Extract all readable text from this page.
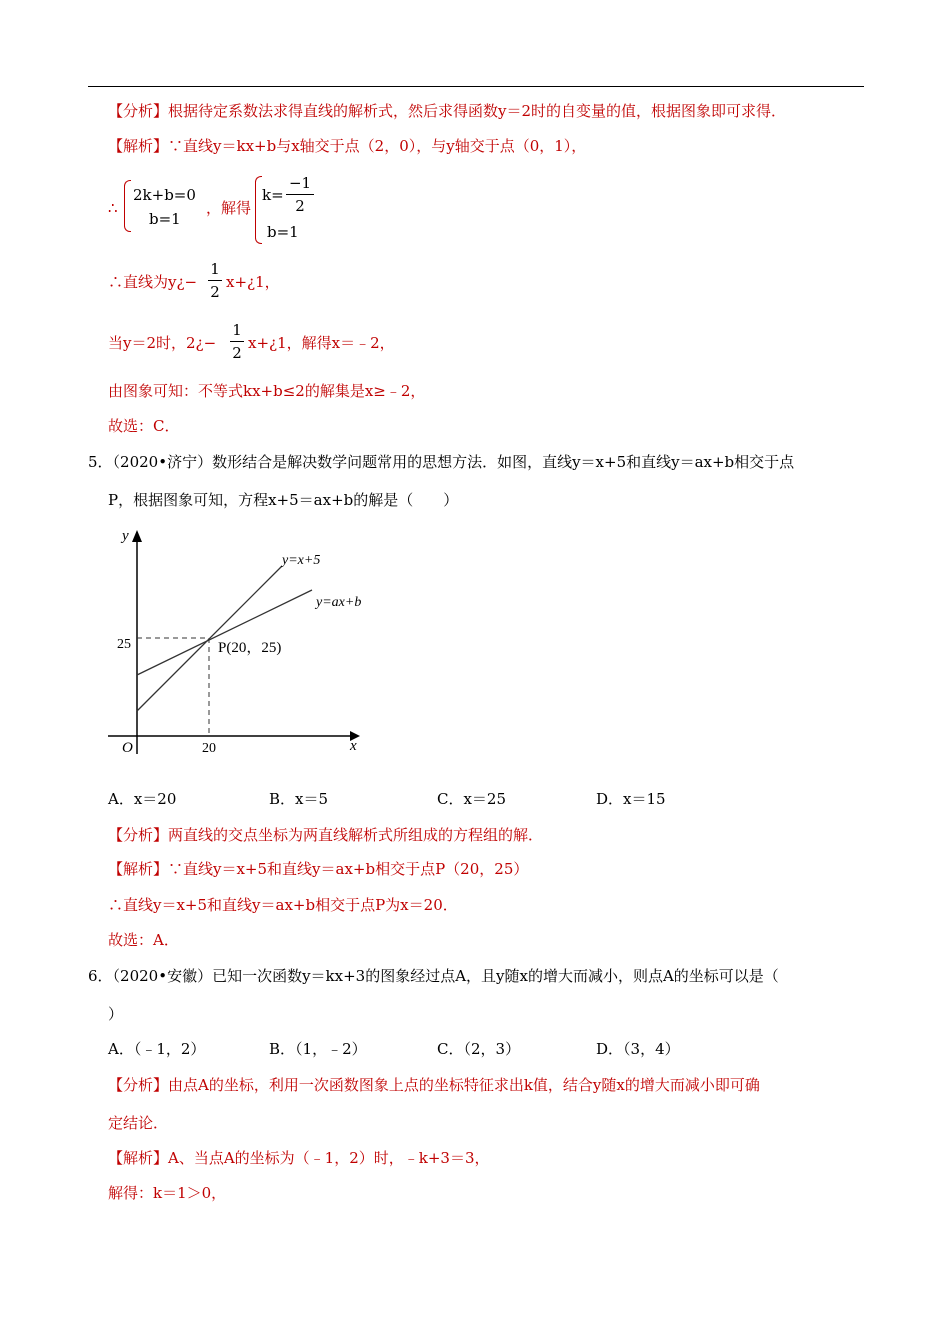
【分析】根据待定系数法求得直线的解析式，然后求得函数y＝2时的自变量的值，根据图象即可求得．
【解析】∵直线y＝kx+b与x轴交于点（2，0），与y轴交于点（0，1），
∴
2k+b=0
b=1
，解得
k=
−1
2
b=1
∴直线为y¿−
1
2
x+¿1，
当y＝2时，2¿−
1
2
x+¿1，解得x＝﹣2，
由图象可知：不等式kx+b≤2的解集是x≥﹣2，
故选：C．
5．（2020•济宁）数形结合是解决数学问题常用的思想方法．如图，直线y＝x+5和直线y＝ax+b相交于点
P，根据图象可知，方程x+5＝ax+b的解是（　　）
y
x
O
25
20
y=x+5
y=ax+b
P(20，25)
A．x＝20	B．x＝5	C．x＝25	D．x＝15
【分析】两直线的交点坐标为两直线解析式所组成的方程组的解．
【解析】∵直线y＝x+5和直线y＝ax+b相交于点P（20，25）
∴直线y＝x+5和直线y＝ax+b相交于点P为x＝20．
故选：A．
6．（2020•安徽）已知一次函数y＝kx+3的图象经过点A，且y随x的增大而减小，则点A的坐标可以是（
）
A．（﹣1，2）	B．（1，﹣2）	C．（2，3）	D．（3，4）
【分析】由点A的坐标，利用一次函数图象上点的坐标特征求出k值，结合y随x的增大而减小即可确
定结论．
【解析】A、当点A的坐标为（﹣1，2）时，﹣k+3＝3，
解得：k＝1＞0，
